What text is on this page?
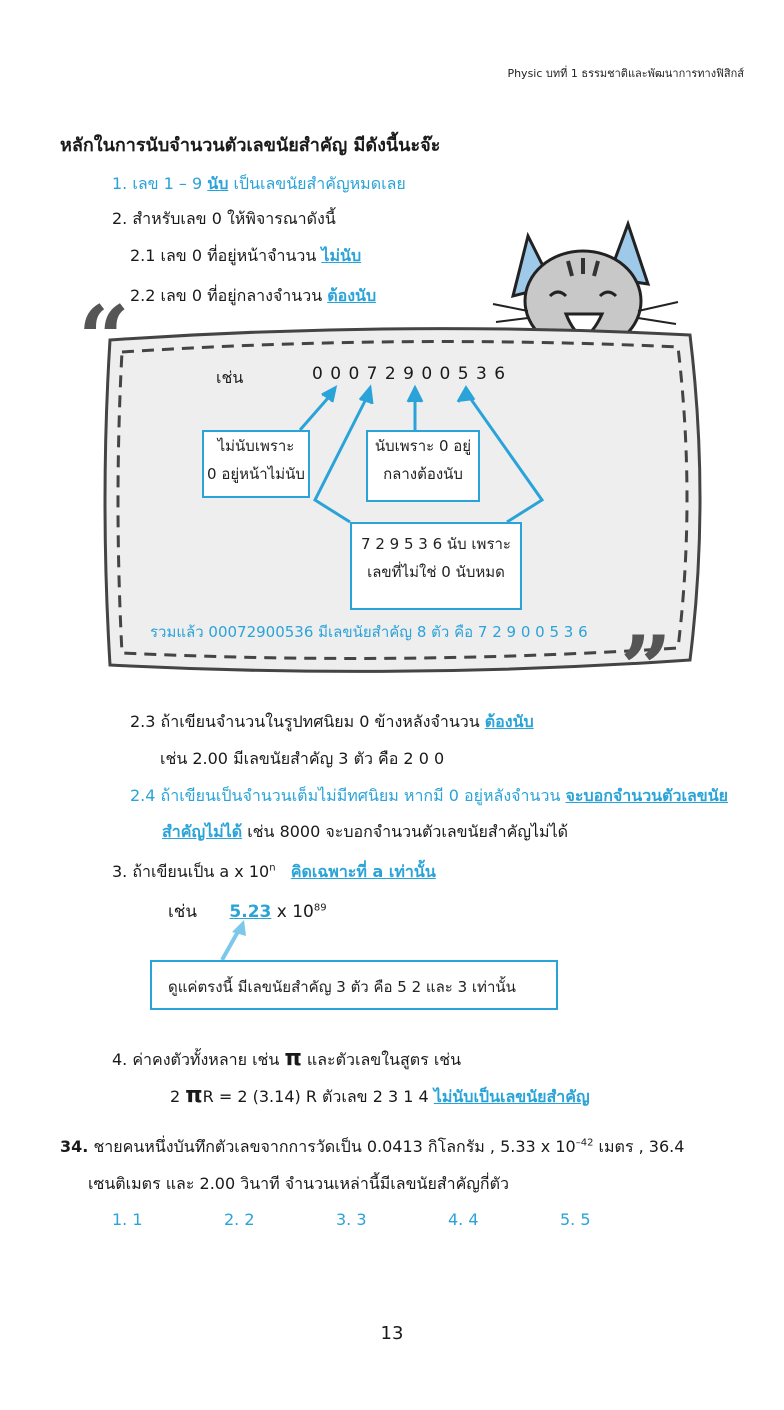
Physic บทที่ 1 ธรรมชาติและพัฒนาการทางฟิสิกส์
หลักในการนับจำนวนตัวเลขนัยสำคัญ มีดังนี้นะจ๊ะ
1. เลข 1 – 9 นับ เป็นเลขนัยสำคัญหมดเลย
2. สำหรับเลข 0 ให้พิจารณาดังนี้
2.1 เลข 0 ที่อยู่หน้าจำนวน ไม่นับ
2.2 เลข 0 ที่อยู่กลางจำนวน ต้องนับ
“
”
เช่น	0 0 0 7 2 9 0 0 5 3 6
ไม่นับเพราะ
0 อยู่หน้าไม่นับ
นับเพราะ 0 อยู่
กลางต้องนับ
7 2 9 5 3 6 นับ เพราะ
เลขที่ไม่ใช่ 0 นับหมด
รวมแล้ว 00072900536 มีเลขนัยสำคัญ 8 ตัว คือ 7 2 9 0 0 5 3 6
2.3 ถ้าเขียนจำนวนในรูปทศนิยม 0 ข้างหลังจำนวน ต้องนับ
เช่น 2.00 มีเลขนัยสำคัญ 3 ตัว คือ 2 0 0
2.4 ถ้าเขียนเป็นจำนวนเต็มไม่มีทศนิยม หากมี 0 อยู่หลังจำนวน จะบอกจำนวนตัวเลขนัย
สำคัญไม่ได้ เช่น 8000 จะบอกจำนวนตัวเลขนัยสำคัญไม่ได้
3. ถ้าเขียนเป็น a x 10$^n$ คิดเฉพาะที่ a เท่านั้น
เช่น 5.23 x $10^{89}$
ดูแค่ตรงนี้ มีเลขนัยสำคัญ 3 ตัว คือ 5 2 และ 3 เท่านั้น
4. ค่าคงตัวทั้งหลาย เช่น π และตัวเลขในสูตร เช่น
2 πR = 2 (3.14) R ตัวเลข 2 3 1 4 ไม่นับเป็นเลขนัยสำคัญ
34. ชายคนหนึ่งบันทึกตัวเลขจากการวัดเป็น 0.0413 กิโลกรัม , 5.33 x $10^{-42}$ เมตร , 36.4
เซนติเมตร และ 2.00 วินาที จำนวนเหล่านี้มีเลขนัยสำคัญกี่ตัว
1. 1	2. 2	3. 3	4. 4	5. 5
13
